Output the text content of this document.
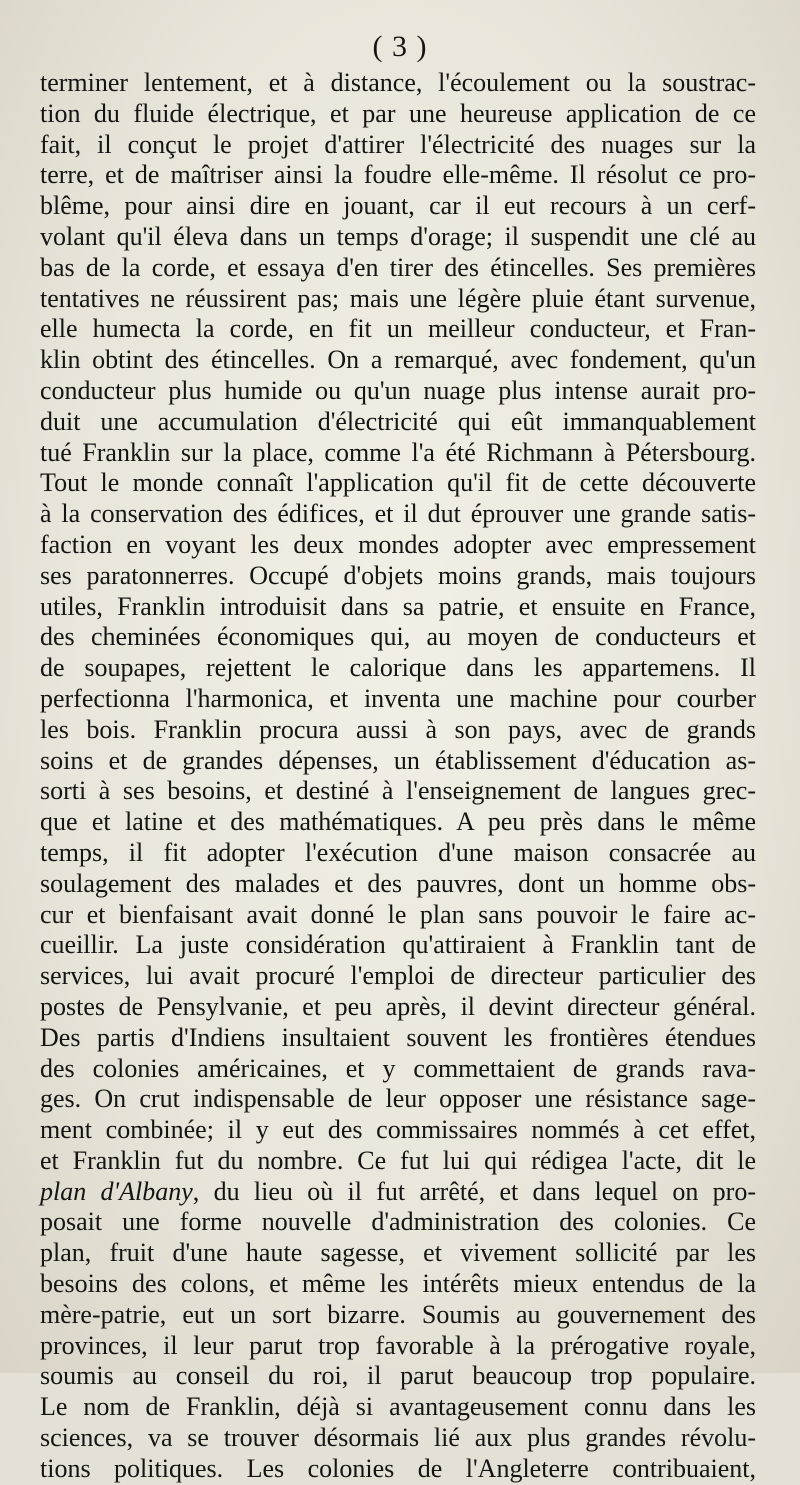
( 3 )
terminer lentement, et à distance, l'écoulement ou la soustrac-
tion du fluide électrique, et par une heureuse application de ce
fait, il conçut le projet d'attirer l'électricité des nuages sur la
terre, et de maîtriser ainsi la foudre elle-même. Il résolut ce pro-
blême, pour ainsi dire en jouant, car il eut recours à un cerf-
volant qu'il éleva dans un temps d'orage; il suspendit une clé au
bas de la corde, et essaya d'en tirer des étincelles. Ses premières
tentatives ne réussirent pas; mais une légère pluie étant survenue,
elle humecta la corde, en fit un meilleur conducteur, et Fran-
klin obtint des étincelles. On a remarqué, avec fondement, qu'un
conducteur plus humide ou qu'un nuage plus intense aurait pro-
duit une accumulation d'électricité qui eût immanquablement
tué Franklin sur la place, comme l'a été Richmann à Pétersbourg.
Tout le monde connaît l'application qu'il fit de cette découverte
à la conservation des édifices, et il dut éprouver une grande satis-
faction en voyant les deux mondes adopter avec empressement
ses paratonnerres. Occupé d'objets moins grands, mais toujours
utiles, Franklin introduisit dans sa patrie, et ensuite en France,
des cheminées économiques qui, au moyen de conducteurs et
de soupapes, rejettent le calorique dans les appartemens. Il
perfectionna l'harmonica, et inventa une machine pour courber
les bois. Franklin procura aussi à son pays, avec de grands
soins et de grandes dépenses, un établissement d'éducation as-
sorti à ses besoins, et destiné à l'enseignement de langues grec-
que et latine et des mathématiques. A peu près dans le même
temps, il fit adopter l'exécution d'une maison consacrée au
soulagement des malades et des pauvres, dont un homme obs-
cur et bienfaisant avait donné le plan sans pouvoir le faire ac-
cueillir. La juste considération qu'attiraient à Franklin tant de
services, lui avait procuré l'emploi de directeur particulier des
postes de Pensylvanie, et peu après, il devint directeur général.
Des partis d'Indiens insultaient souvent les frontières étendues
des colonies américaines, et y commettaient de grands rava-
ges. On crut indispensable de leur opposer une résistance sage-
ment combinée; il y eut des commissaires nommés à cet effet,
et Franklin fut du nombre. Ce fut lui qui rédigea l'acte, dit le
plan d'Albany, du lieu où il fut arrêté, et dans lequel on pro-
posait une forme nouvelle d'administration des colonies. Ce
plan, fruit d'une haute sagesse, et vivement sollicité par les
besoins des colons, et même les intérêts mieux entendus de la
mère-patrie, eut un sort bizarre. Soumis au gouvernement des
provinces, il leur parut trop favorable à la prérogative royale,
soumis au conseil du roi, il parut beaucoup trop populaire.
Le nom de Franklin, déjà si avantageusement connu dans les
sciences, va se trouver désormais lié aux plus grandes révolu-
tions politiques. Les colonies de l'Angleterre contribuaient,
